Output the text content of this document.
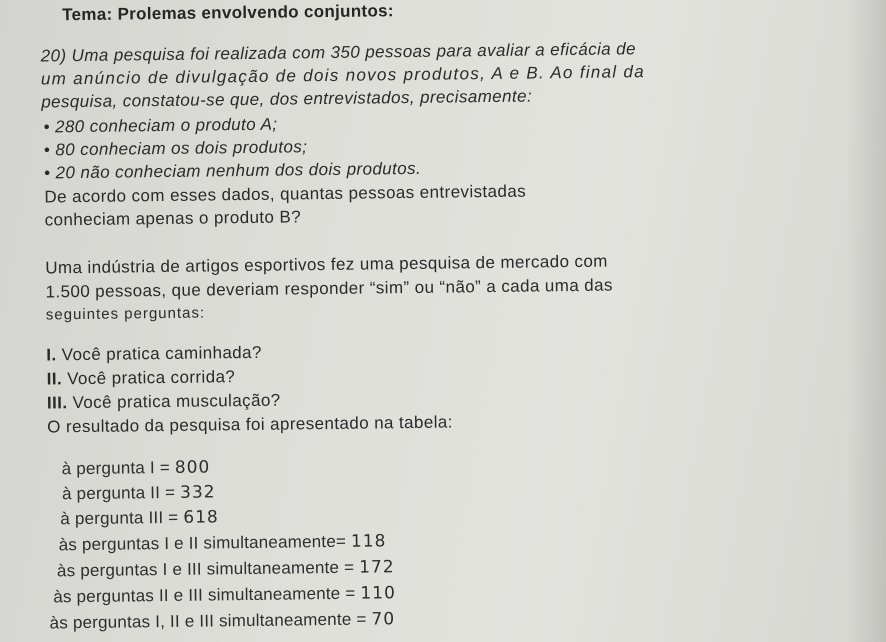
Tema: Prolemas envolvendo conjuntos:

20) Uma pesquisa foi realizada com 350 pessoas para avaliar a eficácia de

um anúncio de divulgação de dois novos produtos, A e B. Ao final da

pesquisa, constatou-se que, dos entrevistados, precisamente:

• 280 conheciam o produto A;

• 80 conheciam os dois produtos;

• 20 não conheciam nenhum dos dois produtos.

De acordo com esses dados, quantas pessoas entrevistadas

conheciam apenas o produto B?

Uma indústria de artigos esportivos fez uma pesquisa de mercado com

1.500 pessoas, que deveriam responder “sim” ou “não” a cada uma das

seguintes perguntas:

I. Você pratica caminhada?

II. Você pratica corrida?

III. Você pratica musculação?

O resultado da pesquisa foi apresentado na tabela:

à pergunta I = 800

à pergunta II = 332

à pergunta III = 618

às perguntas I e II simultaneamente= 118

às perguntas I e III simultaneamente = 172

às perguntas II e III simultaneamente = 110

às perguntas I, II e III simultaneamente = 70
